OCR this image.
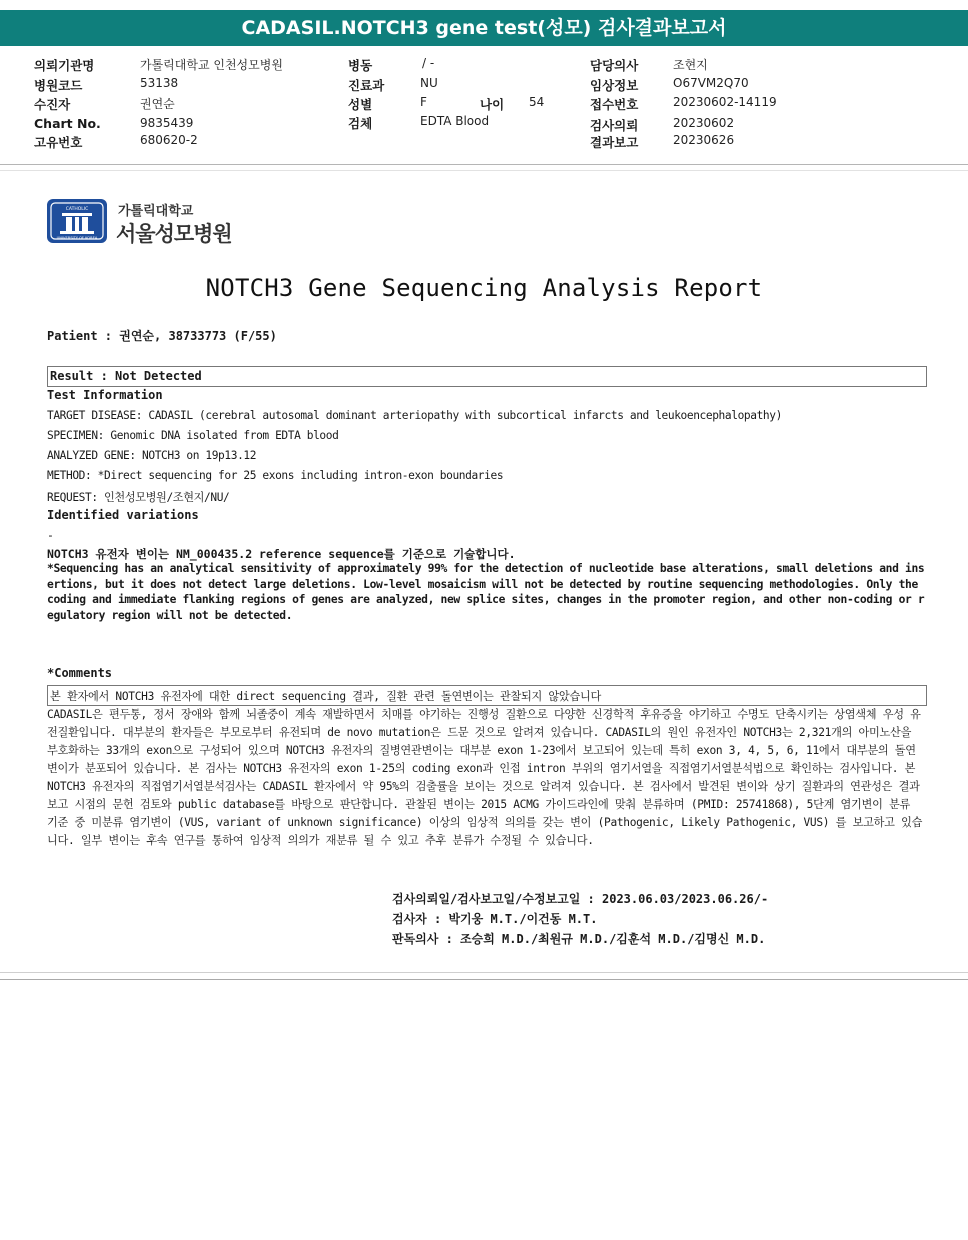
CADASIL.NOTCH3 gene test(성모) 검사결과보고서
의뢰기관명	가톨릭대학교 인천성모병원
병원코드	53138
수진자	권연순
Chart No.	9835439
고유번호	680620-2
병동	/ -
진료과	NU
성별	F	나이 54
검체	EDTA Blood
담당의사	조현지
임상정보	O67VM2Q70
접수번호	20230602-14119
검사의뢰	20230602
결과보고	20230626
CATHOLIC
UNIVERSITY OF KOREA
가톨릭대학교
서울성모병원
NOTCH3 Gene Sequencing Analysis Report
Patient : 권연순, 38733773 (F/55)
Result : Not Detected
Test Information
TARGET DISEASE: CADASIL (cerebral autosomal dominant arteriopathy with subcortical infarcts and leukoencephalopathy)
SPECIMEN: Genomic DNA isolated from EDTA blood
ANALYZED GENE: NOTCH3 on 19p13.12
METHOD: *Direct sequencing for 25 exons including intron-exon boundaries
REQUEST: 인천성모병원/조현지/NU/
Identified variations
-
NOTCH3 유전자 변이는 NM_000435.2 reference sequence를 기준으로 기술합니다.
*Sequencing has an analytical sensitivity of approximately 99% for the detection of nucleotide base alterations, small deletions and insertions, but it does not detect large deletions. Low-level mosaicism will not be detected by routine sequencing methodologies. Only the coding and immediate flanking regions of genes are analyzed, new splice sites, changes in the promoter region, and other non-coding or regulatory region will not be detected.
*Comments
본 환자에서 NOTCH3 유전자에 대한 direct sequencing 결과, 질환 관련 돌연변이는 관찰되지 않았습니다
CADASIL은 편두통, 정서 장애와 함께 뇌졸중이 계속 재발하면서 치매를 야기하는 진행성 질환으로 다양한 신경학적 후유증을 야기하고 수명도 단축시키는 상염색체 우성 유전질환입니다. 대부분의 환자들은 부모로부터 유전되며 de novo mutation은 드문 것으로 알려져 있습니다. CADASIL의 원인 유전자인 NOTCH3는 2,321개의 아미노산을 부호화하는 33개의 exon으로 구성되어 있으며 NOTCH3 유전자의 질병연관변이는 대부분 exon 1-23에서 보고되어 있는데 특히 exon 3, 4, 5, 6, 11에서 대부분의 돌연변이가 분포되어 있습니다. 본 검사는 NOTCH3 유전자의 exon 1-25의 coding exon과 인접 intron 부위의 염기서열을 직접염기서열분석법으로 확인하는 검사입니다. 본 NOTCH3 유전자의 직접염기서열분석검사는 CADASIL 환자에서 약 95%의 검출률을 보이는 것으로 알려져 있습니다. 본 검사에서 발견된 변이와 상기 질환과의 연관성은 결과 보고 시점의 문헌 검토와 public database를 바탕으로 판단합니다. 관찰된 변이는 2015 ACMG 가이드라인에 맞춰 분류하며 (PMID: 25741868), 5단계 염기변이 분류 기준 중 미분류 염기변이 (VUS, variant of unknown significance) 이상의 임상적 의의를 갖는 변이 (Pathogenic, Likely Pathogenic, VUS) 를 보고하고 있습니다. 일부 변이는 후속 연구를 통하여 임상적 의의가 재분류 될 수 있고 추후 분류가 수정될 수 있습니다.
검사의뢰일/검사보고일/수정보고일 : 2023.06.03/2023.06.26/-
검사자 : 박기웅 M.T./이건동 M.T.
판독의사 : 조승희 M.D./최원규 M.D./김훈석 M.D./김명신 M.D.
